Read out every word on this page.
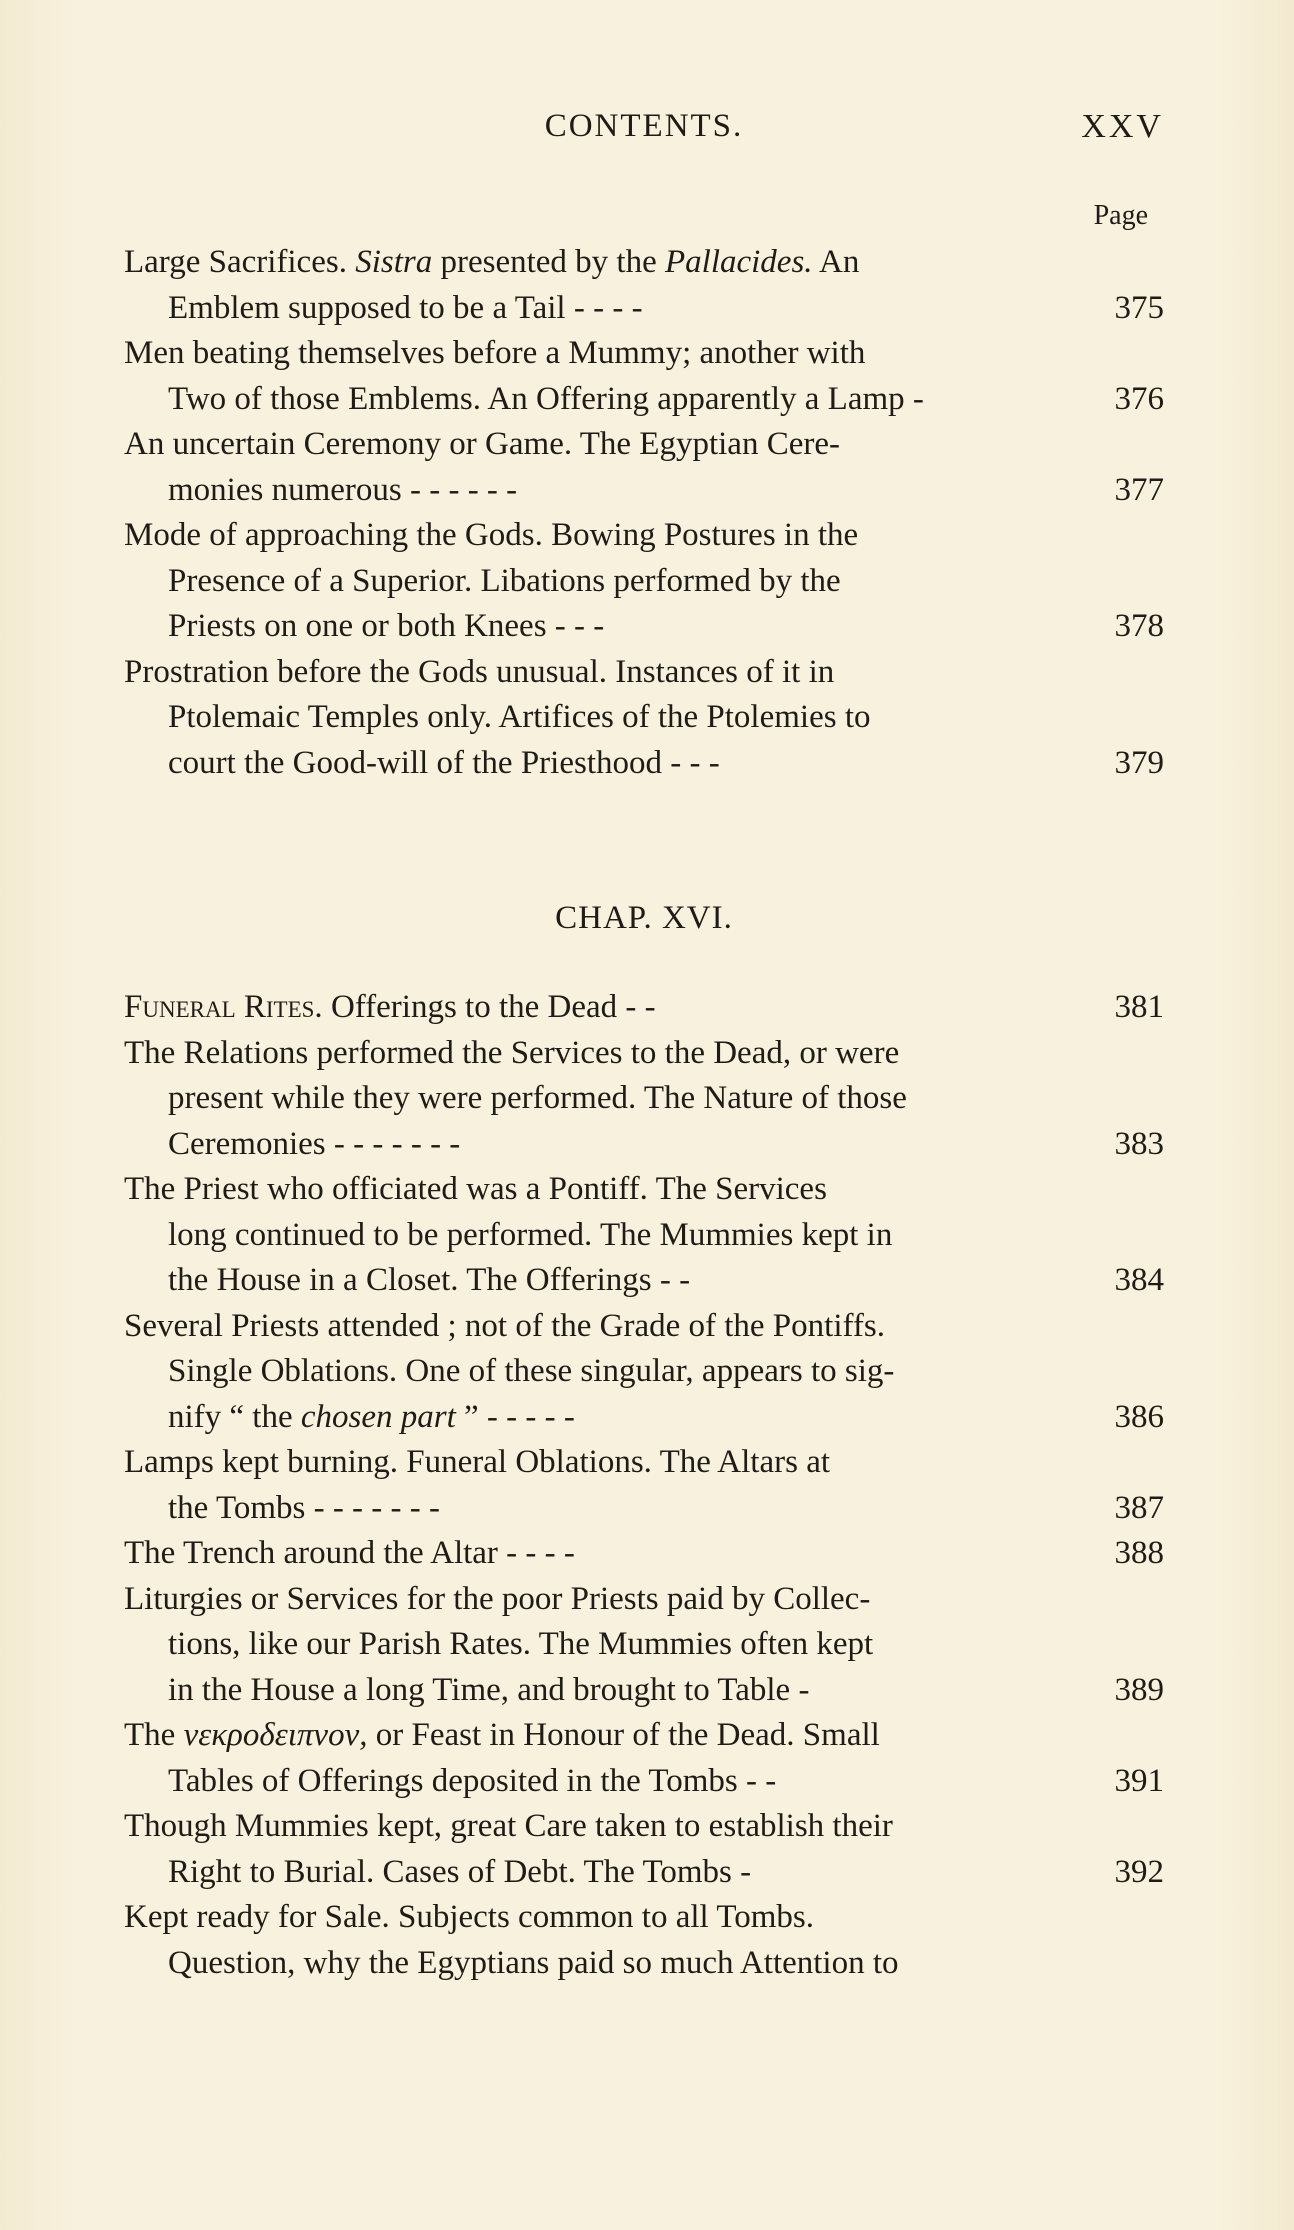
CONTENTS.	XXV
Page
Large Sacrifices. Sistra presented by the Pallacides. An
Emblem supposed to be a Tail - - - -	375
Men beating themselves before a Mummy; another with
Two of those Emblems. An Offering apparently a Lamp -	376
An uncertain Ceremony or Game. The Egyptian Cere-
monies numerous - - - - - -	377
Mode of approaching the Gods. Bowing Postures in the
Presence of a Superior. Libations performed by the
Priests on one or both Knees - - -	378
Prostration before the Gods unusual. Instances of it in
Ptolemaic Temples only. Artifices of the Ptolemies to
court the Good-will of the Priesthood - - -	379
CHAP. XVI.
Funeral Rites. Offerings to the Dead - -	381
The Relations performed the Services to the Dead, or were
present while they were performed. The Nature of those
Ceremonies - - - - - - -	383
The Priest who officiated was a Pontiff. The Services
long continued to be performed. The Mummies kept in
the House in a Closet. The Offerings - -	384
Several Priests attended ; not of the Grade of the Pontiffs.
Single Oblations. One of these singular, appears to sig-
nify “ the chosen part ” - - - - -	386
Lamps kept burning. Funeral Oblations. The Altars at
the Tombs - - - - - - -	387
The Trench around the Altar - - - -	388
Liturgies or Services for the poor Priests paid by Collec-
tions, like our Parish Rates. The Mummies often kept
in the House a long Time, and brought to Table -	389
The νεκροδειπνον, or Feast in Honour of the Dead. Small
Tables of Offerings deposited in the Tombs - -	391
Though Mummies kept, great Care taken to establish their
Right to Burial. Cases of Debt. The Tombs -	392
Kept ready for Sale. Subjects common to all Tombs.
Question, why the Egyptians paid so much Attention to
